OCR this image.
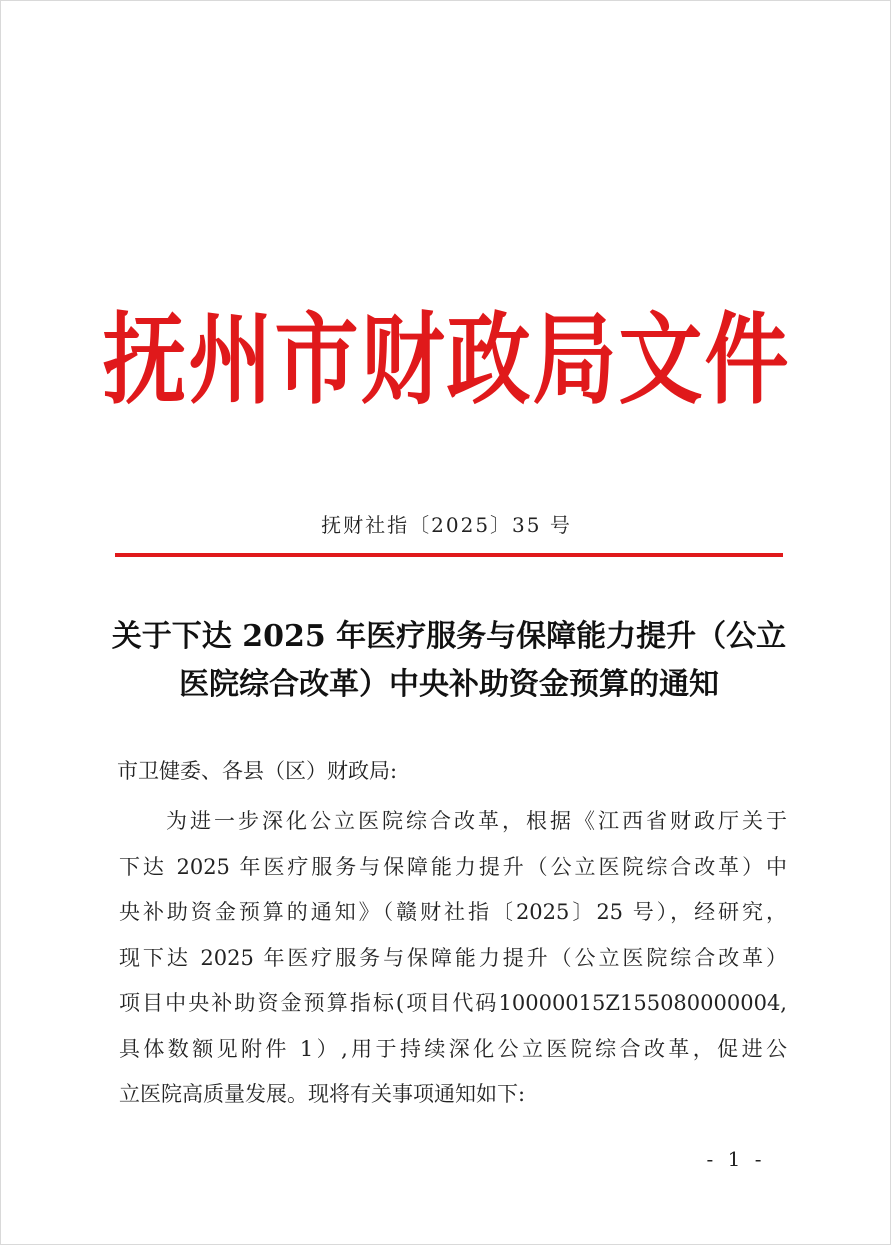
抚州市财政局文件
抚财社指〔2025〕35 号
关于下达 2025 年医疗服务与保障能力提升（公立
医院综合改革）中央补助资金预算的通知
市卫健委、各县（区）财政局:
为进一步深化公立医院综合改革，根据《江西省财政厅关于
下达 2025 年医疗服务与保障能力提升（公立医院综合改革）中
央补助资金预算的通知》（赣财社指〔2025〕25 号），经研究，
现下达 2025 年医疗服务与保障能力提升（公立医院综合改革）
项目中央补助资金预算指标(项目代码10000015Z155080000004,
具体数额见附件 1）,用于持续深化公立医院综合改革，促进公
立医院高质量发展。现将有关事项通知如下:
- 1 -
